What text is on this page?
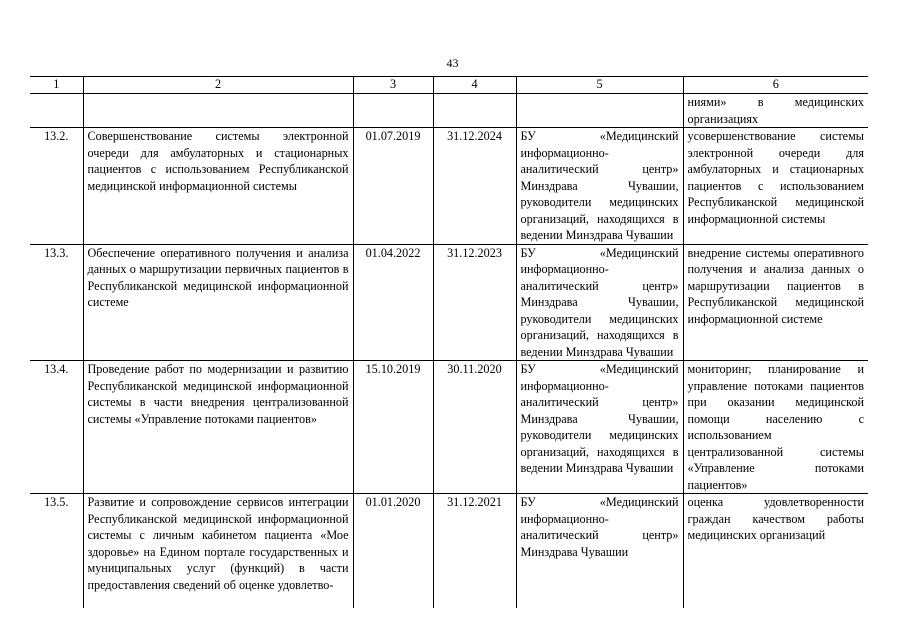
43
1	2	3	4	5	6
					ниями» в медицинских организациях
13.2.	Совершенствование системы электронной очереди для амбулаторных и стационарных пациентов с использованием Республиканской медицинской информационной системы	01.07.2019	31.12.2024	БУ «Медицинский информационно-аналитический центр» Минздрава Чувашии, руководители медицинских организаций, находящихся в ведении Минздрава Чувашии	усовершенствование системы электронной очереди для амбулаторных и стационарных пациентов с использованием Республиканской медицинской информационной системы
13.3.	Обеспечение оперативного получения и анализа данных о маршрутизации первичных пациентов в Республиканской медицинской информационной системе	01.04.2022	31.12.2023	БУ «Медицинский информационно-аналитический центр» Минздрава Чувашии, руководители медицинских организаций, находящихся в ведении Минздрава Чувашии	внедрение системы оперативного получения и анализа данных о маршрутизации пациентов в Республиканской медицинской информационной системе
13.4.	Проведение работ по модернизации и развитию Республиканской медицинской информационной системы в части внедрения централизованной системы «Управление потоками пациентов»	15.10.2019	30.11.2020	БУ «Медицинский информационно-аналитический центр» Минздрава Чувашии, руководители медицинских организаций, находящихся в ведении Минздрава Чувашии	мониторинг, планирование и управление потоками пациентов при оказании медицинской помощи населению с использованием централизованной системы «Управление потоками пациентов»
13.5.	Развитие и сопровождение сервисов интеграции Республиканской медицинской информационной системы с личным кабинетом пациента «Мое здоровье» на Едином портале государственных и муниципальных услуг (функций) в части предоставления сведений об оценке удовлетво-	01.01.2020	31.12.2021	БУ «Медицинский информационно-аналитический центр» Минздрава Чувашии	оценка удовлетворенности граждан качеством работы медицинских организаций
